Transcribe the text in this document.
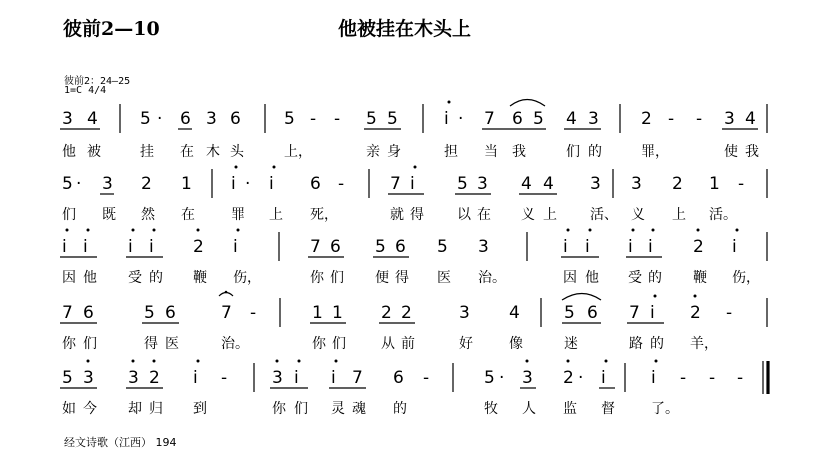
彼前2—10	他被挂在木头上
彼前2：24—25
1=C 4/4
经文诗歌（江西） 194
3 4 5 · 6 3 6	5 - - 5 5	i · 7 6 5 4 3 2 - - 3 4
他 被	挂 在 木 头	上，	亲 身	担 当 我	们 的	罪，	使 我
5 · 3 2 1 i · i 6 -	7 i 5 3 4 4 3 3 2 1 -
们 既 然 在	罪 上 死，	就 得 以 在 义 上 活、 义 上 活。
i i i i 2 i	7 6 5 6 5 3	i i i i 2 i
因 他 受 的 鞭 伤，	你 们 便 得 医 治。	因 他 受 的 鞭 伤，
7 6	5 6	7 -	1 1 2 2	3 4	5 6 7 i 2 -
你 们	得 医	治。	你 们	从 前	好	像	迷	路 的 羊，
5 3 3 2 i -	3 i i 7 6 -	5 · 3 2 · i	i - - -
如 今 却 归 到	你 们 灵 魂 的	牧 人 监 督	了。
